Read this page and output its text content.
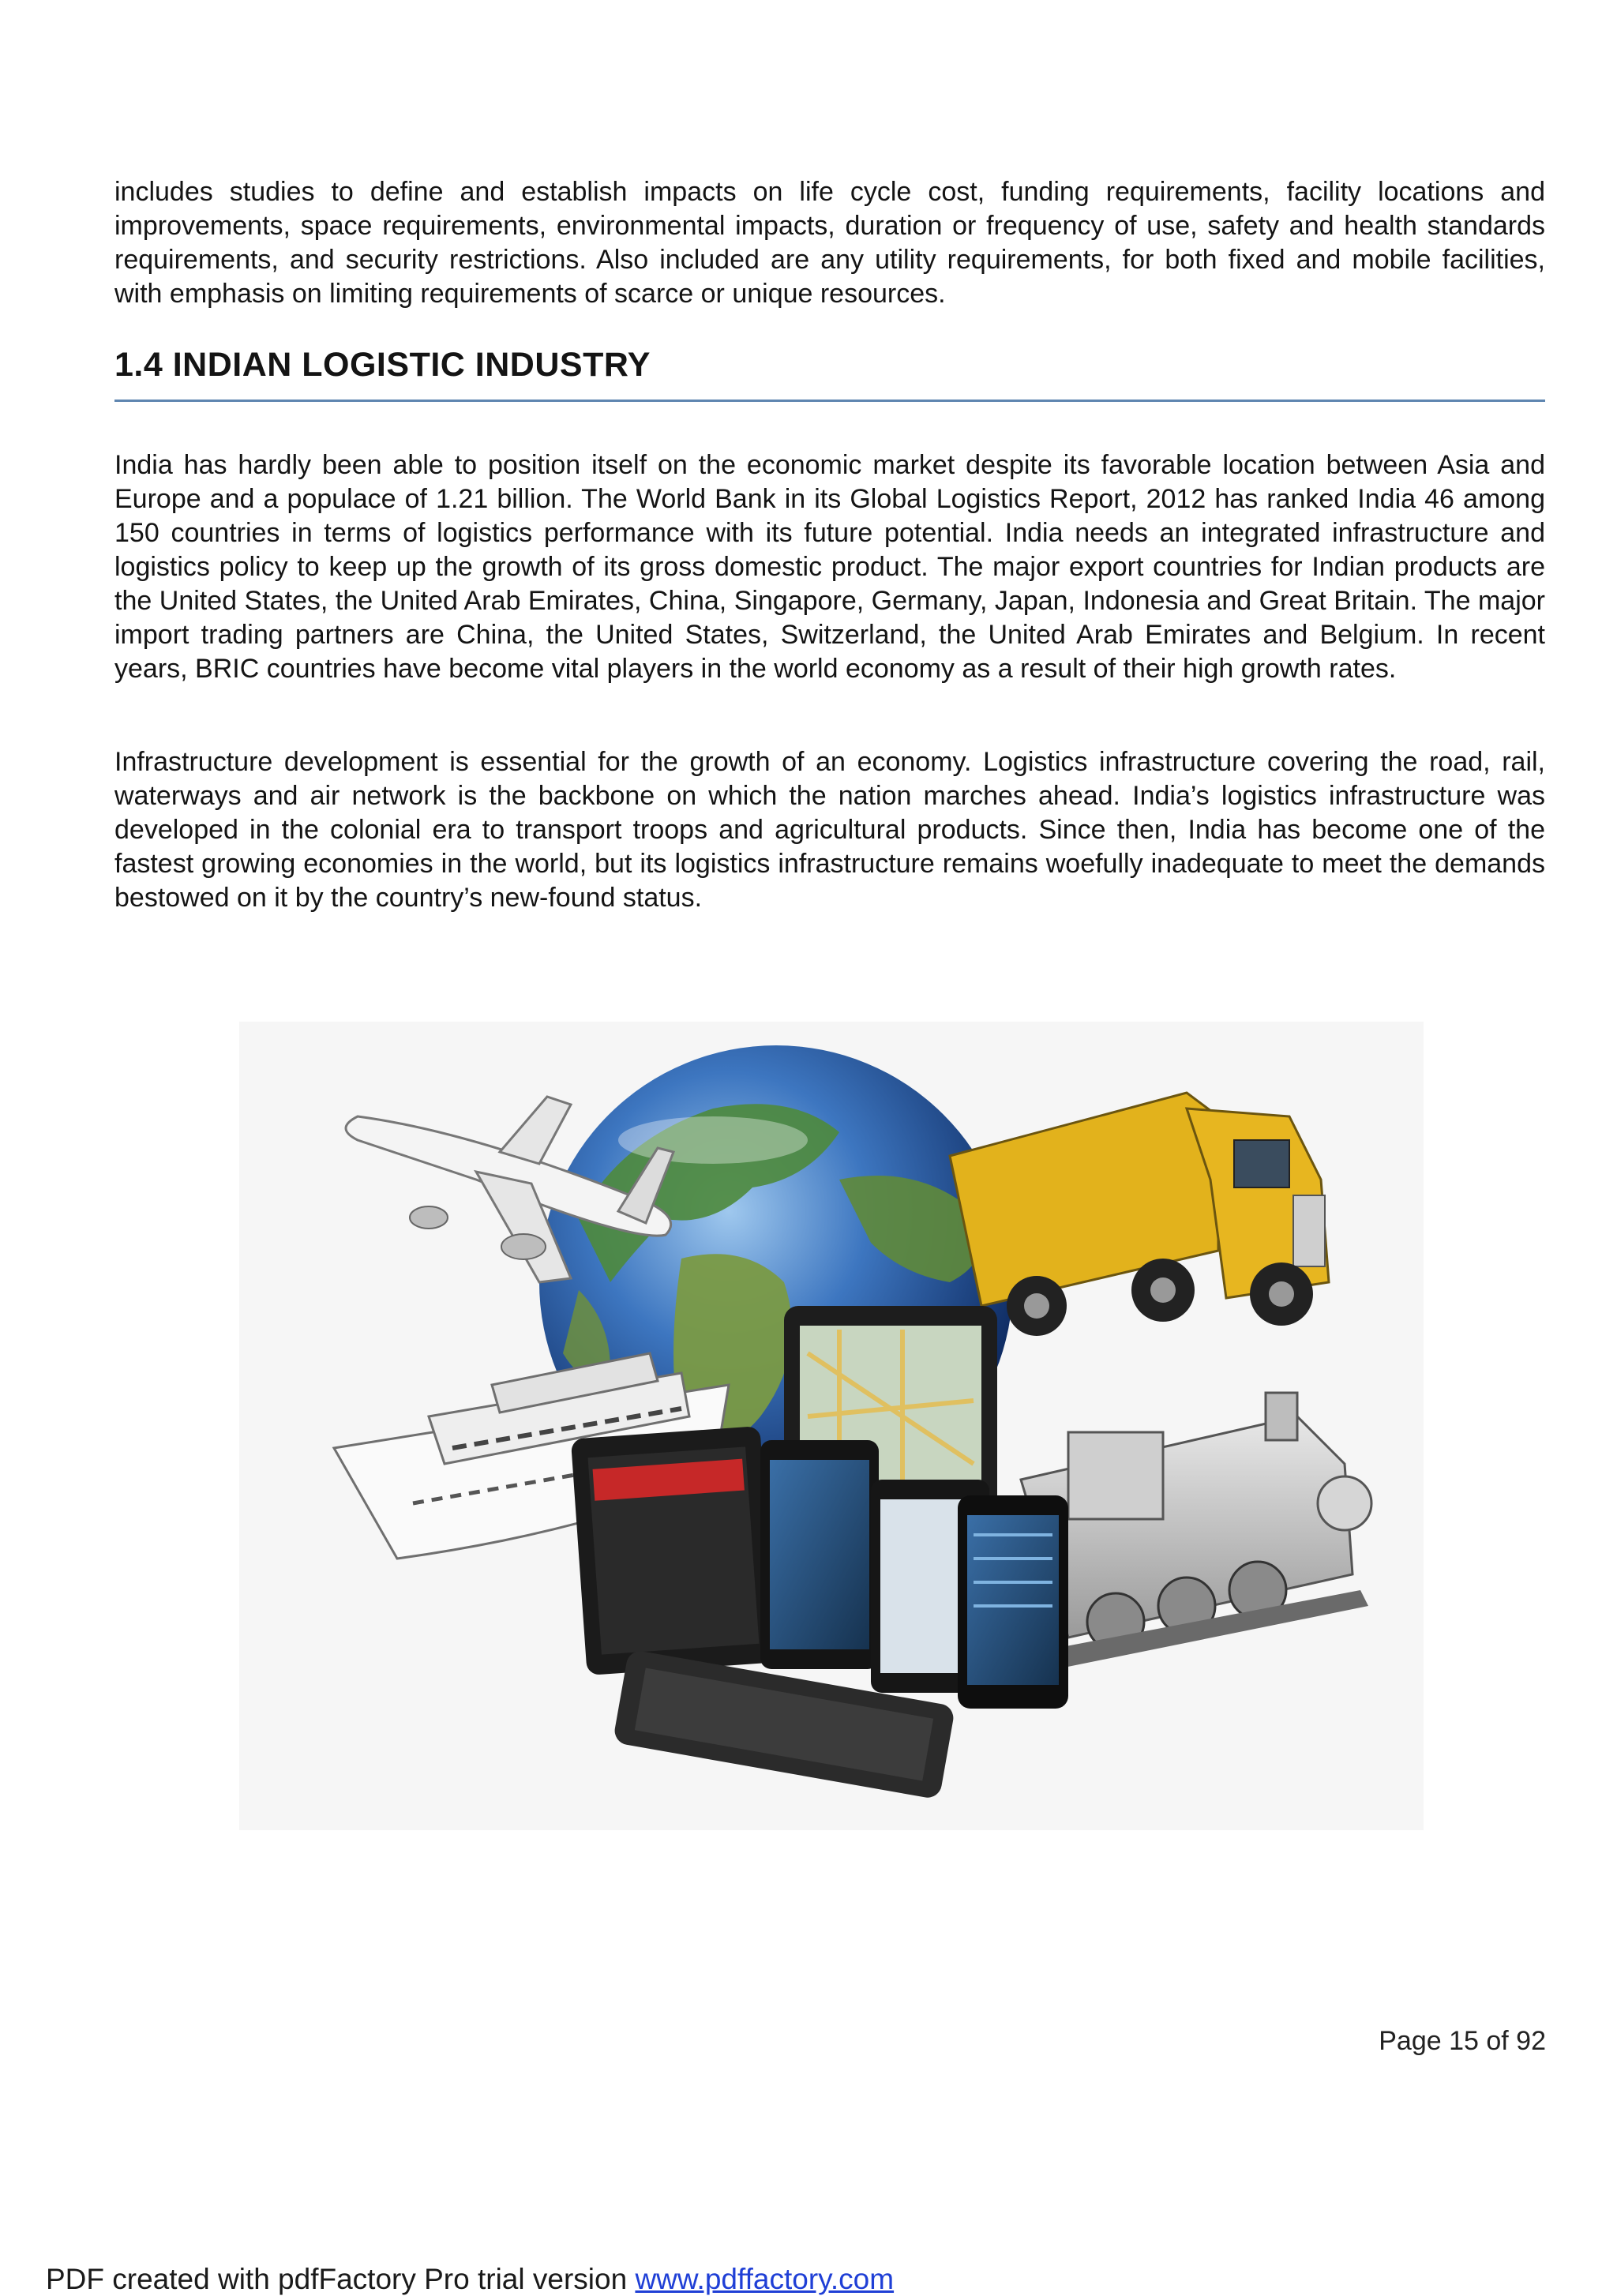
includes studies to define and establish impacts on life cycle cost, funding requirements, facility locations and improvements, space requirements, environmental impacts, duration or frequency of use, safety and health standards requirements, and security restrictions. Also included are any utility requirements, for both fixed and mobile facilities, with emphasis on limiting requirements of scarce or unique resources.

1.4 INDIAN LOGISTIC INDUSTRY

India has hardly been able to position itself on the economic market despite its favorable location between Asia and Europe and a populace of 1.21 billion. The World Bank in its Global Logistics Report, 2012 has ranked India 46 among 150 countries in terms of logistics performance with its future potential. India needs an integrated infrastructure and logistics policy to keep up the growth of its gross domestic product. The major export countries for Indian products are the United States, the United Arab Emirates, China, Singapore, Germany, Japan, Indonesia and Great Britain. The major import trading partners are China, the United States, Switzerland, the United Arab Emirates and Belgium. In recent years, BRIC countries have become vital players in the world economy as a result of their high growth rates.

Infrastructure development is essential for the growth of an economy. Logistics infrastructure covering the road, rail, waterways and air network is the backbone on which the nation marches ahead. India’s logistics infrastructure was developed in the colonial era to transport troops and agricultural products. Since then, India has become one of the fastest growing economies in the world, but its logistics infrastructure remains woefully inadequate to meet the demands bestowed on it by the country’s new-found status.

Page 15 of 92

PDF created with pdfFactory Pro trial version www.pdffactory.com
